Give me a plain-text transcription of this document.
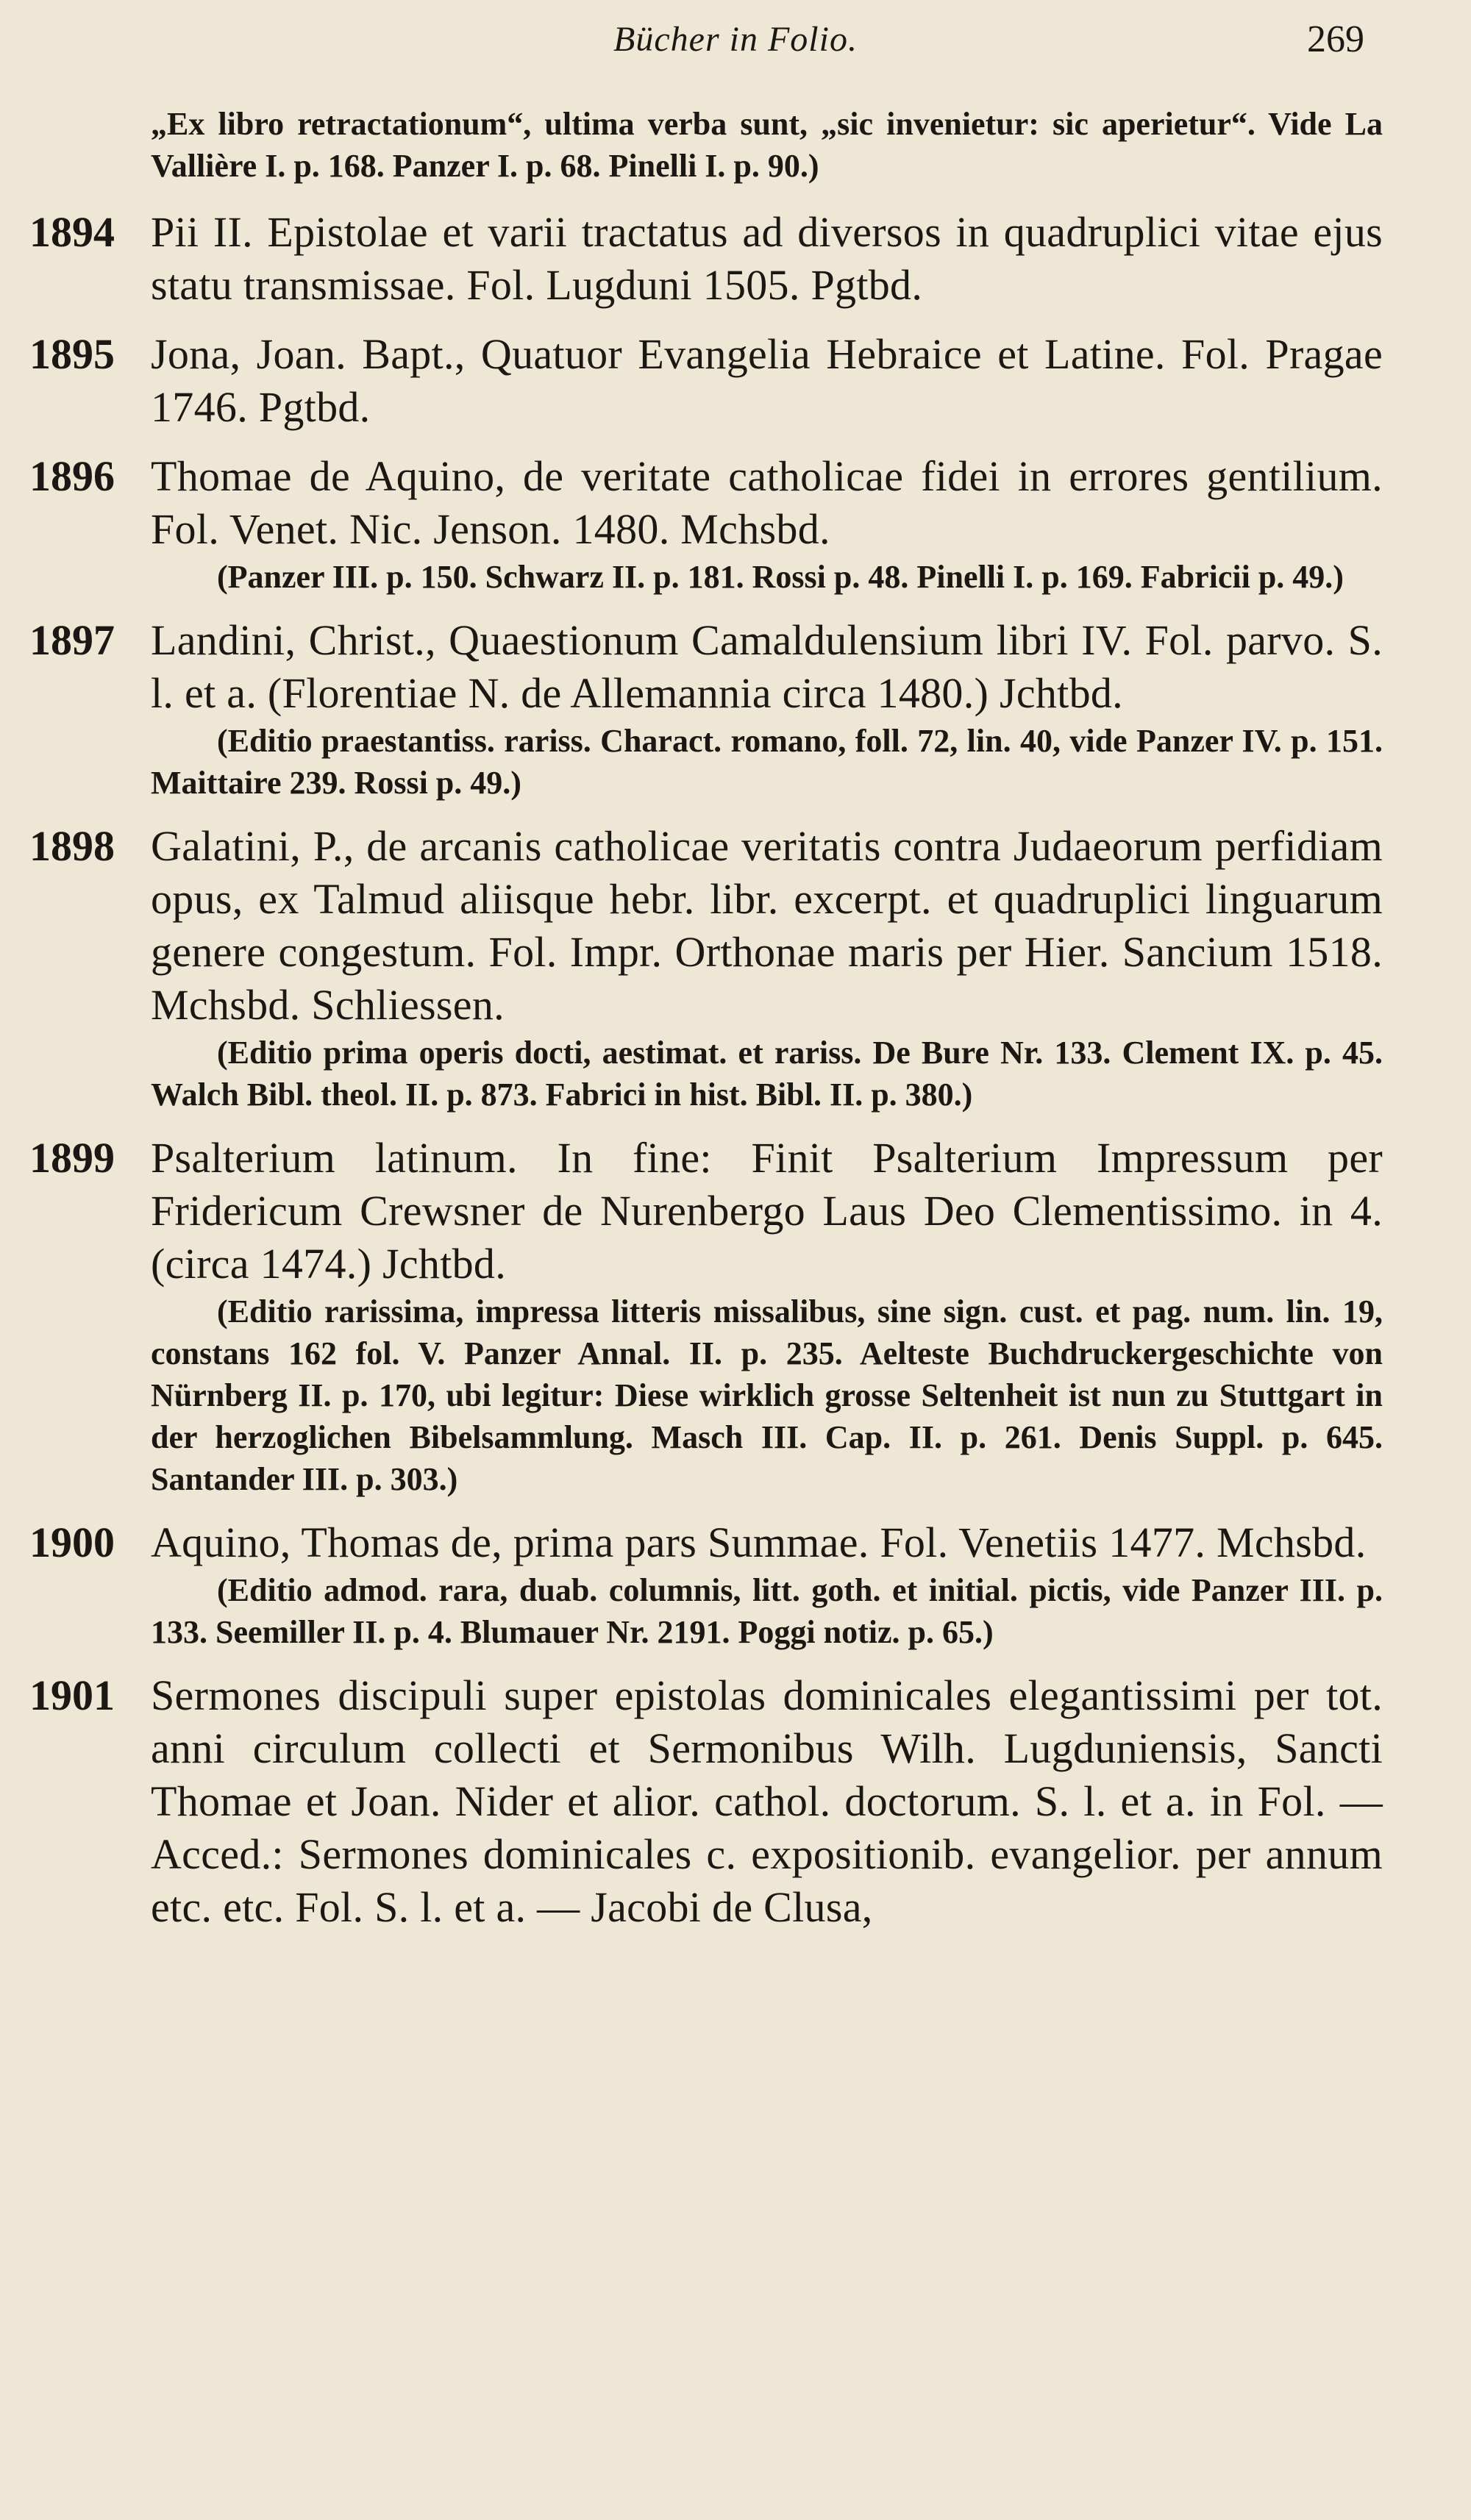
Bücher in Folio.	269
„Ex libro retractationum“, ultima verba sunt, „sic invenietur: sic aperietur“. Vide La Vallière I. p. 168. Panzer I. p. 68. Pinelli I. p. 90.)
1894 Pii II. Epistolae et varii tractatus ad diversos in quadruplici vitae ejus statu transmissae. Fol. Lugduni 1505. Pgtbd.
1895 Jona, Joan. Bapt., Quatuor Evangelia Hebraice et Latine. Fol. Pragae 1746. Pgtbd.
1896 Thomae de Aquino, de veritate catholicae fidei in errores gentilium. Fol. Venet. Nic. Jenson. 1480. Mchsbd.
(Panzer III. p. 150. Schwarz II. p. 181. Rossi p. 48. Pinelli I. p. 169. Fabricii p. 49.)
1897 Landini, Christ., Quaestionum Camaldulensium libri IV. Fol. parvo. S. l. et a. (Florentiae N. de Allemannia circa 1480.) Jchtbd.
(Editio praestantiss. rariss. Charact. romano, foll. 72, lin. 40, vide Panzer IV. p. 151. Maittaire 239. Rossi p. 49.)
1898 Galatini, P., de arcanis catholicae veritatis contra Judaeorum perfidiam opus, ex Talmud aliisque hebr. libr. excerpt. et quadruplici linguarum genere congestum. Fol. Impr. Orthonae maris per Hier. Sancium 1518. Mchsbd. Schliessen.
(Editio prima operis docti, aestimat. et rariss. De Bure Nr. 133. Clement IX. p. 45. Walch Bibl. theol. II. p. 873. Fabrici in hist. Bibl. II. p. 380.)
1899 Psalterium latinum. In fine: Finit Psalterium Impressum per Fridericum Crewsner de Nurenbergo Laus Deo Clementissimo. in 4. (circa 1474.) Jchtbd.
(Editio rarissima, impressa litteris missalibus, sine sign. cust. et pag. num. lin. 19, constans 162 fol. V. Panzer Annal. II. p. 235. Aelteste Buchdruckergeschichte von Nürnberg II. p. 170, ubi legitur: Diese wirklich grosse Seltenheit ist nun zu Stuttgart in der herzoglichen Bibelsammlung. Masch III. Cap. II. p. 261. Denis Suppl. p. 645. Santander III. p. 303.)
1900 Aquino, Thomas de, prima pars Summae. Fol. Venetiis 1477. Mchsbd.
(Editio admod. rara, duab. columnis, litt. goth. et initial. pictis, vide Panzer III. p. 133. Seemiller II. p. 4. Blumauer Nr. 2191. Poggi notiz. p. 65.)
1901 Sermones discipuli super epistolas dominicales elegantissimi per tot. anni circulum collecti et Sermonibus Wilh. Lugduniensis, Sancti Thomae et Joan. Nider et alior. cathol. doctorum. S. l. et a. in Fol. — Acced.: Sermones dominicales c. expositionib. evangelior. per annum etc. etc. Fol. S. l. et a. — Jacobi de Clusa,
